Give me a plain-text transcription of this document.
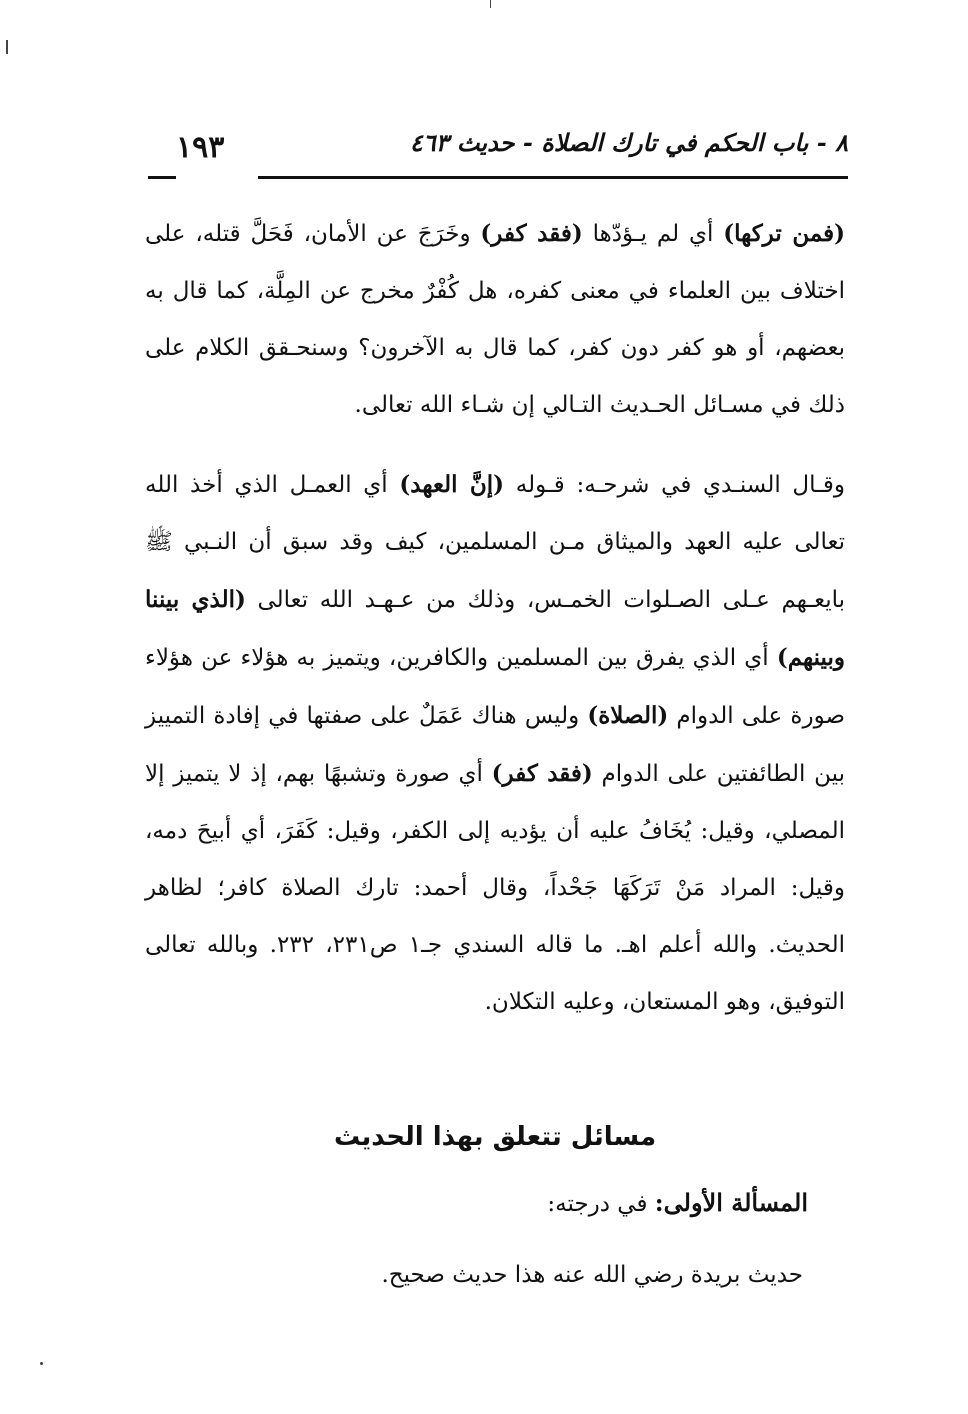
٨ - باب الحكم في تارك الصلاة - حديث ٤٦٣
١٩٣

(فمن تركها) أي لم يـؤدّها (فقد كفر) وخَرَجَ عن الأمان، فَحَلَّ قتله، على اختلاف بين العلماء في معنى كفره، هل كُفْرٌ مخرج عن المِلَّة، كما قال به بعضهم، أو هو كفر دون كفر، كما قال به الآخرون؟ وسنحـقق الكلام على ذلك في مسـائل الحـديث التـالي إن شـاء الله تعالى.

وقـال السنـدي في شرحـه: قـوله (إنَّ العهد) أي العمـل الذي أخذ الله تعالى عليه العهد والميثاق مـن المسلمين، كيف وقد سبق أن النـبي ﷺ بايعـهم عـلى الصـلوات الخمـس، وذلك من عـهـد الله تعالى (الذي بيننا وبينهم) أي الذي يفرق بين المسلمين والكافرين، ويتميز به هؤلاء عن هؤلاء صورة على الدوام (الصلاة) وليس هناك عَمَلٌ على صفتها في إفادة التمييز بين الطائفتين على الدوام (فقد كفر) أي صورة وتشبهًا بهم، إذ لا يتميز إلا المصلي، وقيل: يُخَافُ عليه أن يؤديه إلى الكفر، وقيل: كَفَرَ، أي أبيحَ دمه، وقيل: المراد مَنْ تَرَكَهَا جَحْداً، وقال أحمد: تارك الصلاة كافر؛ لظاهر الحديث. والله أعلم اهـ. ما قاله السندي جـ١ ص٢٣١، ٢٣٢. وبالله تعالى التوفيق، وهو المستعان، وعليه التكلان.

مسائل تتعلق بهذا الحديث
المسألة الأولى: في درجته:
حديث بريدة رضي الله عنه هذا حديث صحيح.
